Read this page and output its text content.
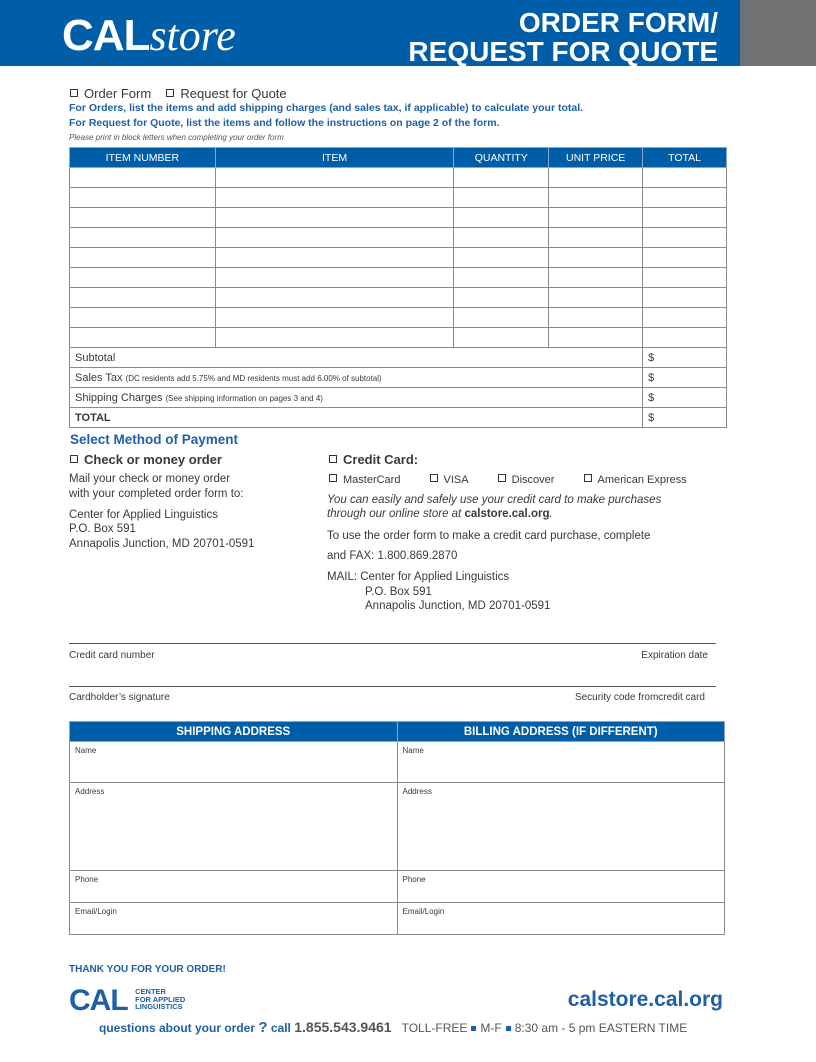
CALstore	ORDER FORM/
REQUEST FOR QUOTE
Order Form Request for Quote
For Orders, list the items and add shipping charges (and sales tax, if applicable) to calculate your total.
For Request for Quote, list the items and follow the instructions on page 2 of the form.
Please print in block letters when completing your order form
ITEM NUMBER	ITEM	QUANTITY	UNIT PRICE	TOTAL

Subtotal				$
Sales Tax (DC residents add 5.75% and MD residents must add 6.00% of subtotal)				$
Shipping Charges (See shipping information on pages 3 and 4)				$
TOTAL				$
Select Method of Payment
Check or money order
Mail your check or money order
with your completed order form to:
Center for Applied Linguistics
P.O. Box 591
Annapolis Junction, MD 20701-0591
Credit Card:
MasterCard	VISA	Discover	American Express
You can easily and safely use your credit card to make purchases
through our online store at calstore.cal.org.
To use the order form to make a credit card purchase, complete
and FAX: 1.800.869.2870
MAIL: Center for Applied Linguistics
P.O. Box 591
Annapolis Junction, MD 20701-0591
Credit card number	Expiration date
Cardholder’s signature	Security code fromcredit card
SHIPPING ADDRESS	BILLING ADDRESS (IF DIFFERENT)
Name	Name
Address	Address
Phone	Phone
Email/Login	Email/Login
THANK YOU FOR YOUR ORDER!
CAL CENTER
FOR APPLIED
LINGUISTICS	calstore.cal.org
questions about your order ? call 1.855.543.9461 TOLL-FREE M-F 8:30 am - 5 pm EASTERN TIME
